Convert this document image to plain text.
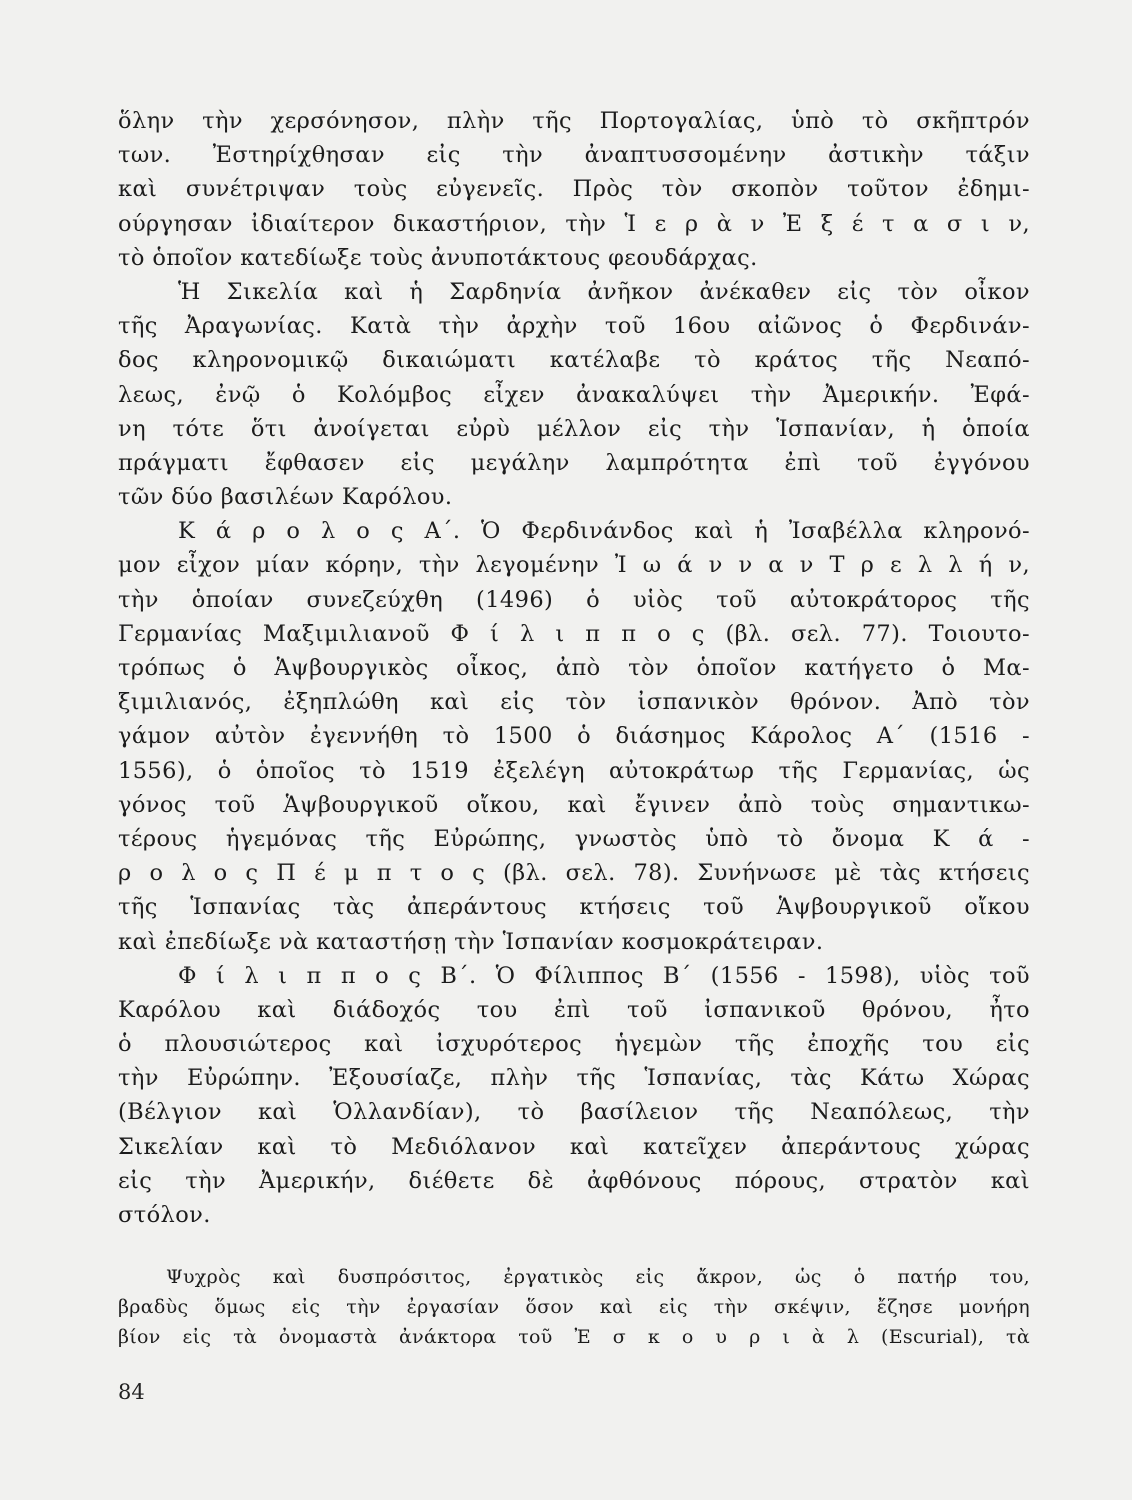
ὅλην τὴν χερσόνησον, πλὴν τῆς Πορτογαλίας, ὑπὸ τὸ σκῆπτρόν
των. Ἐστηρίχθησαν εἰς τὴν ἀναπτυσσομένην ἀστικὴν τάξιν
καὶ συνέτριψαν τοὺς εὐγενεῖς. Πρὸς τὸν σκοπὸν τοῦτον ἐδημι-
ούργησαν ἰδιαίτερον δικαστήριον, τὴν Ἱ ε ρ ὰ ν Ἐ ξ έ τ α σ ι ν,
τὸ ὁποῖον κατεδίωξε τοὺς ἀνυποτάκτους φεουδάρχας.
Ἡ Σικελία καὶ ἡ Σαρδηνία ἀνῆκον ἀνέκαθεν εἰς τὸν οἶκον
τῆς Ἀραγωνίας. Κατὰ τὴν ἀρχὴν τοῦ 16ου αἰῶνος ὁ Φερδινάν-
δος κληρονομικῷ δικαιώματι κατέλαβε τὸ κράτος τῆς Νεαπό-
λεως, ἐνῷ ὁ Κολόμβος εἶχεν ἀνακαλύψει τὴν Ἀμερικήν. Ἐφά-
νη τότε ὅτι ἀνοίγεται εὐρὺ μέλλον εἰς τὴν Ἱσπανίαν, ἡ ὁποία
πράγματι ἔφθασεν εἰς μεγάλην λαμπρότητα ἐπὶ τοῦ ἐγγόνου
τῶν δύο βασιλέων Καρόλου.
Κ ά ρ ο λ ο ς Α΄. Ὁ Φερδινάνδος καὶ ἡ Ἰσαβέλλα κληρονό-
μον εἶχον μίαν κόρην, τὴν λεγομένην Ἰ ω ά ν ν α ν Τ ρ ε λ λ ή ν,
τὴν ὁποίαν συνεζεύχθη (1496) ὁ υἱὸς τοῦ αὐτοκράτορος τῆς
Γερμανίας Μαξιμιλιανοῦ Φ ί λ ι π π ο ς (βλ. σελ. 77). Τοιουτο-
τρόπως ὁ Ἁψβουργικὸς οἶκος, ἀπὸ τὸν ὁποῖον κατήγετο ὁ Μα-
ξιμιλιανός, ἐξηπλώθη καὶ εἰς τὸν ἰσπανικὸν θρόνον. Ἀπὸ τὸν
γάμον αὐτὸν ἐγεννήθη τὸ 1500 ὁ διάσημος Κάρολος Α΄ (1516 -
1556), ὁ ὁποῖος τὸ 1519 ἐξελέγη αὐτοκράτωρ τῆς Γερμανίας, ὡς
γόνος τοῦ Ἁψβουργικοῦ οἴκου, καὶ ἔγινεν ἀπὸ τοὺς σημαντικω-
τέρους ἡγεμόνας τῆς Εὐρώπης, γνωστὸς ὑπὸ τὸ ὄνομα Κ ά -
ρ ο λ ο ς Π έ μ π τ ο ς (βλ. σελ. 78). Συνήνωσε μὲ τὰς κτήσεις
τῆς Ἱσπανίας τὰς ἀπεράντους κτήσεις τοῦ Ἁψβουργικοῦ οἴκου
καὶ ἐπεδίωξε νὰ καταστήσῃ τὴν Ἱσπανίαν κοσμοκράτειραν.
Φ ί λ ι π π ο ς Β΄. Ὁ Φίλιππος Β΄ (1556 - 1598), υἱὸς τοῦ
Καρόλου καὶ διάδοχός του ἐπὶ τοῦ ἰσπανικοῦ θρόνου, ἦτο
ὁ πλουσιώτερος καὶ ἰσχυρότερος ἡγεμὼν τῆς ἐποχῆς του εἰς
τὴν Εὐρώπην. Ἐξουσίαζε, πλὴν τῆς Ἱσπανίας, τὰς Κάτω Χώρας
(Βέλγιον καὶ Ὁλλανδίαν), τὸ βασίλειον τῆς Νεαπόλεως, τὴν
Σικελίαν καὶ τὸ Μεδιόλανον καὶ κατεῖχεν ἀπεράντους χώρας
εἰς τὴν Ἀμερικήν, διέθετε δὲ ἀφθόνους πόρους, στρατὸν καὶ
στόλον.
Ψυχρὸς καὶ δυσπρόσιτος, ἐργατικὸς εἰς ἄκρον, ὡς ὁ πατήρ του,
βραδὺς ὅμως εἰς τὴν ἐργασίαν ὅσον καὶ εἰς τὴν σκέψιν, ἔζησε μονήρη
βίον εἰς τὰ ὀνομαστὰ ἀνάκτορα τοῦ Ἐ σ κ ο υ ρ ι ὰ λ (Escurial), τὰ
84
